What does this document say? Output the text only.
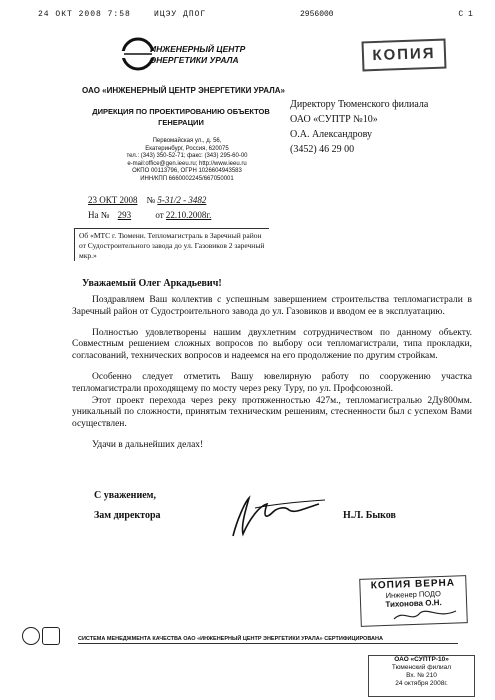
24 ОКТ 2008 7:58	ИЦЭУ ДПОГ	2956000	С 1
ИНЖЕНЕРНЫЙ ЦЕНТР
ЭНЕРГЕТИКИ УРАЛА
ОАО «ИНЖЕНЕРНЫЙ ЦЕНТР ЭНЕРГЕТИКИ УРАЛА»
ДИРЕКЦИЯ ПО ПРОЕКТИРОВАНИЮ ОБЪЕКТОВ ГЕНЕРАЦИИ
Первомайская ул., д. 56,
Екатеринбург, Россия, 620075
тел.: (343) 350-52-71; факс: (343) 295-60-00
e-mail:office@gen.ieeu.ru; http://www.ieeu.ru
ОКПО 00113796, ОГРН 1026604943583
ИНН/КПП 6660002245/667050001
КОПИЯ
Директору Тюменского филиала
ОАО «СУПТР №10»
О.А. Александрову
(3452) 46 29 00
23 ОКТ 2008 № 5-31/2 - 3482
На № 293	от 22.10.2008г.
Об «МТС г. Тюмени. Тепломагистраль в Заречный район от Судостроительного завода до ул. Газовиков 2 заречный мкр.»
Уважаемый Олег Аркадьевич!

Поздравляем Ваш коллектив с успешным завершением строительства тепломагистрали в Заречный район от Судостроительного завода до ул. Газовиков и вводом ее в эксплуатацию.

Полностью удовлетворены нашим двухлетним сотрудничеством по данному объекту. Совместным решением сложных вопросов по выбору оси тепломагистрали, типа прокладки, согласований, технических вопросов и надеемся на его продолжение по другим стройкам.

Особенно следует отметить Вашу ювелирную работу по сооружению участка тепломагистрали проходящему по мосту через реку Туру, по ул. Профсоюзной.

Этот проект перехода через реку протяженностью 427м., тепломагистралью 2Ду800мм. уникальный по сложности, принятым техническим решениям, стесненности был с успехом Вами осуществлен.

Удачи в дальнейших делах!

С уважением,
Зам директора	Н.Л. Быков
КОПИЯ ВЕРНА
Инженер ПОДО
Тихонова О.Н.
СИСТЕМА МЕНЕДЖМЕНТА КАЧЕСТВА ОАО «ИНЖЕНЕРНЫЙ ЦЕНТР ЭНЕРГЕТИКИ УРАЛА» СЕРТИФИЦИРОВАНА
ОАО «СУПТР-10»
Тюменский филиал
Вх. № 210
24 октября 2008г.
